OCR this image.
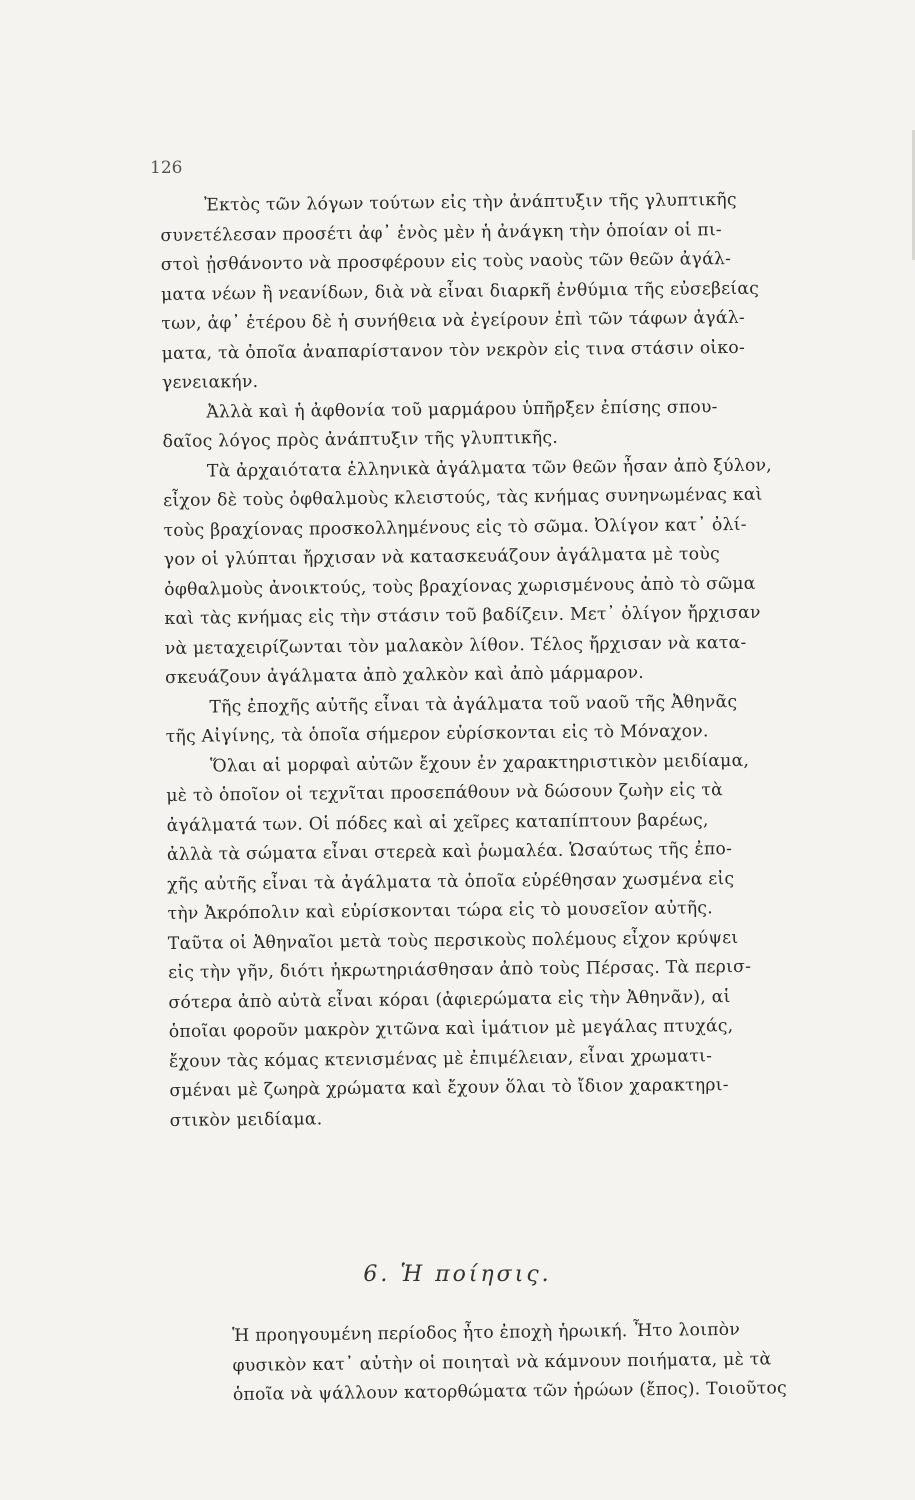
126
Ἐκτὸς τῶν λόγων τούτων εἰς τὴν ἀνάπτυξιν τῆς γλυπτικῆς
συνετέλεσαν προσέτι ἀφ᾽ ἑνὸς μὲν ἡ ἀνάγκη τὴν ὁποίαν οἱ πι-
στοὶ ᾐσθάνοντο νὰ προσφέρουν εἰς τοὺς ναοὺς τῶν θεῶν ἀγάλ-
ματα νέων ἢ νεανίδων, διὰ νὰ εἶναι διαρκῆ ἐνθύμια τῆς εὐσεβείας
των, ἀφ᾽ ἑτέρου δὲ ἡ συνήθεια νὰ ἐγείρουν ἐπὶ τῶν τάφων ἀγάλ-
ματα, τὰ ὁποῖα ἀναπαρίστανον τὸν νεκρὸν εἰς τινα στάσιν οἰκο-
γενειακήν.
Ἀλλὰ καὶ ἡ ἀφθονία τοῦ μαρμάρου ὑπῆρξεν ἐπίσης σπου-
δαῖος λόγος πρὸς ἀνάπτυξιν τῆς γλυπτικῆς.
Τὰ ἀρχαιότατα ἑλληνικὰ ἀγάλματα τῶν θεῶν ἦσαν ἀπὸ ξύλον,
εἶχον δὲ τοὺς ὀφθαλμοὺς κλειστούς, τὰς κνήμας συνηνωμένας καὶ
τοὺς βραχίονας προσκολλημένους εἰς τὸ σῶμα. Ὀλίγον κατ᾽ ὀλί-
γον οἱ γλύπται ἤρχισαν νὰ κατασκευάζουν ἀγάλματα μὲ τοὺς
ὀφθαλμοὺς ἀνοικτούς, τοὺς βραχίονας χωρισμένους ἀπὸ τὸ σῶμα
καὶ τὰς κνήμας εἰς τὴν στάσιν τοῦ βαδίζειν. Μετ᾽ ὀλίγον ἤρχισαν
νὰ μεταχειρίζωνται τὸν μαλακὸν λίθον. Τέλος ἤρχισαν νὰ κατα-
σκευάζουν ἀγάλματα ἀπὸ χαλκὸν καὶ ἀπὸ μάρμαρον.
Τῆς ἐποχῆς αὐτῆς εἶναι τὰ ἀγάλματα τοῦ ναοῦ τῆς Ἀθηνᾶς
τῆς Αἰγίνης, τὰ ὁποῖα σήμερον εὑρίσκονται εἰς τὸ Μόναχον.
Ὅλαι αἱ μορφαὶ αὐτῶν ἔχουν ἐν χαρακτηριστικὸν μειδίαμα,
μὲ τὸ ὁποῖον οἱ τεχνῖται προσεπάθουν νὰ δώσουν ζωὴν εἰς τὰ
ἀγάλματά των. Οἱ πόδες καὶ αἱ χεῖρες καταπίπτουν βαρέως,
ἀλλὰ τὰ σώματα εἶναι στερεὰ καὶ ῥωμαλέα. Ὡσαύτως τῆς ἐπο-
χῆς αὐτῆς εἶναι τὰ ἀγάλματα τὰ ὁποῖα εὑρέθησαν χωσμένα εἰς
τὴν Ἀκρόπολιν καὶ εὑρίσκονται τώρα εἰς τὸ μουσεῖον αὐτῆς.
Ταῦτα οἱ Ἀθηναῖοι μετὰ τοὺς περσικοὺς πολέμους εἶχον κρύψει
εἰς τὴν γῆν, διότι ἠκρωτηριάσθησαν ἀπὸ τοὺς Πέρσας. Τὰ περισ-
σότερα ἀπὸ αὐτὰ εἶναι κόραι (ἀφιερώματα εἰς τὴν Ἀθηνᾶν), αἱ
ὁποῖαι φοροῦν μακρὸν χιτῶνα καὶ ἱμάτιον μὲ μεγάλας πτυχάς,
ἔχουν τὰς κόμας κτενισμένας μὲ ἐπιμέλειαν, εἶναι χρωματι-
σμέναι μὲ ζωηρὰ χρώματα καὶ ἔχουν ὅλαι τὸ ἴδιον χαρακτηρι-
στικὸν μειδίαμα.
6. Ἡ ποίησις.
Ἡ προηγουμένη περίοδος ἦτο ἐποχὴ ἡρωική. Ἦτο λοιπὸν
φυσικὸν κατ᾽ αὐτὴν οἱ ποιηταὶ νὰ κάμνουν ποιήματα, μὲ τὰ
ὁποῖα νὰ ψάλλουν κατορθώματα τῶν ἡρώων (ἔπος). Τοιοῦτος
